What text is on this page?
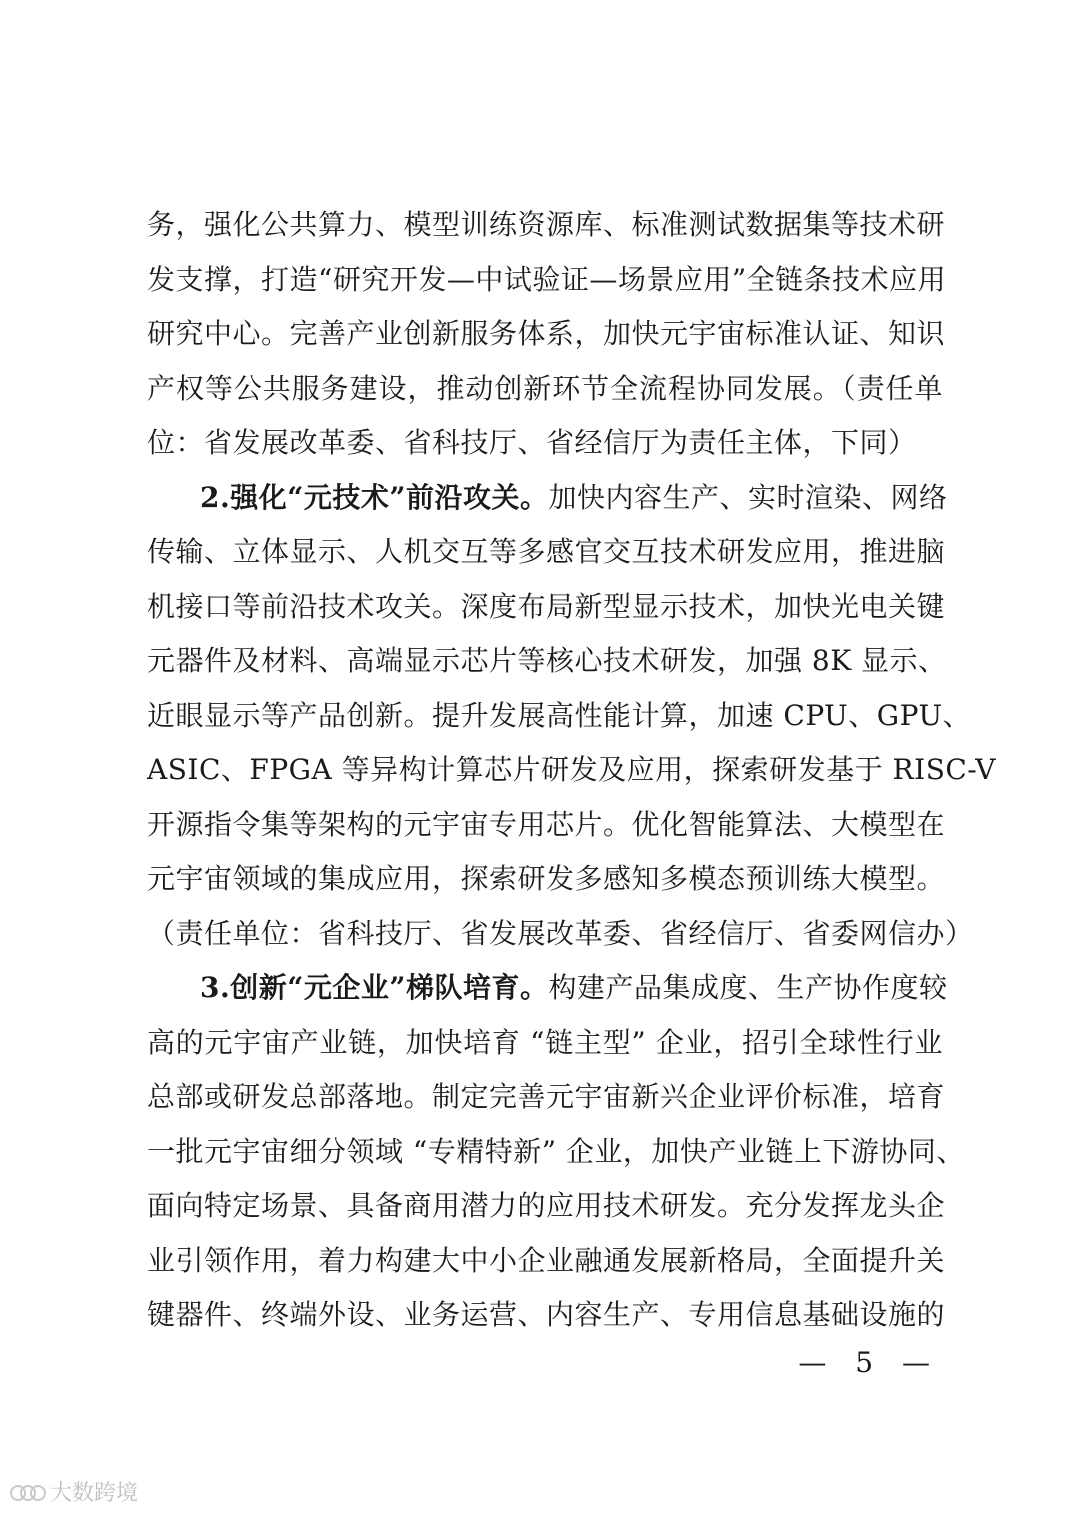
务，强化公共算力、模型训练资源库、标准测试数据集等技术研
发支撑，打造“研究开发—中试验证—场景应用”全链条技术应用
研究中心。完善产业创新服务体系，加快元宇宙标准认证、知识
产权等公共服务建设，推动创新环节全流程协同发展。（责任单
位：省发展改革委、省科技厅、省经信厅为责任主体，下同）
2.强化“元技术”前沿攻关。加快内容生产、实时渲染、网络
传输、立体显示、人机交互等多感官交互技术研发应用，推进脑
机接口等前沿技术攻关。深度布局新型显示技术，加快光电关键
元器件及材料、高端显示芯片等核心技术研发，加强 8K 显示、
近眼显示等产品创新。提升发展高性能计算，加速 CPU、GPU、
ASIC、FPGA 等异构计算芯片研发及应用，探索研发基于 RISC-V
开源指令集等架构的元宇宙专用芯片。优化智能算法、大模型在
元宇宙领域的集成应用，探索研发多感知多模态预训练大模型。
（责任单位：省科技厅、省发展改革委、省经信厅、省委网信办）
3.创新“元企业”梯队培育。构建产品集成度、生产协作度较
高的元宇宙产业链，加快培育 “链主型” 企业，招引全球性行业
总部或研发总部落地。制定完善元宇宙新兴企业评价标准，培育
一批元宇宙细分领域 “专精特新” 企业，加快产业链上下游协同、
面向特定场景、具备商用潜力的应用技术研发。充分发挥龙头企
业引领作用，着力构建大中小企业融通发展新格局，全面提升关
键器件、终端外设、业务运营、内容生产、专用信息基础设施的
— 5 —
大数跨境
